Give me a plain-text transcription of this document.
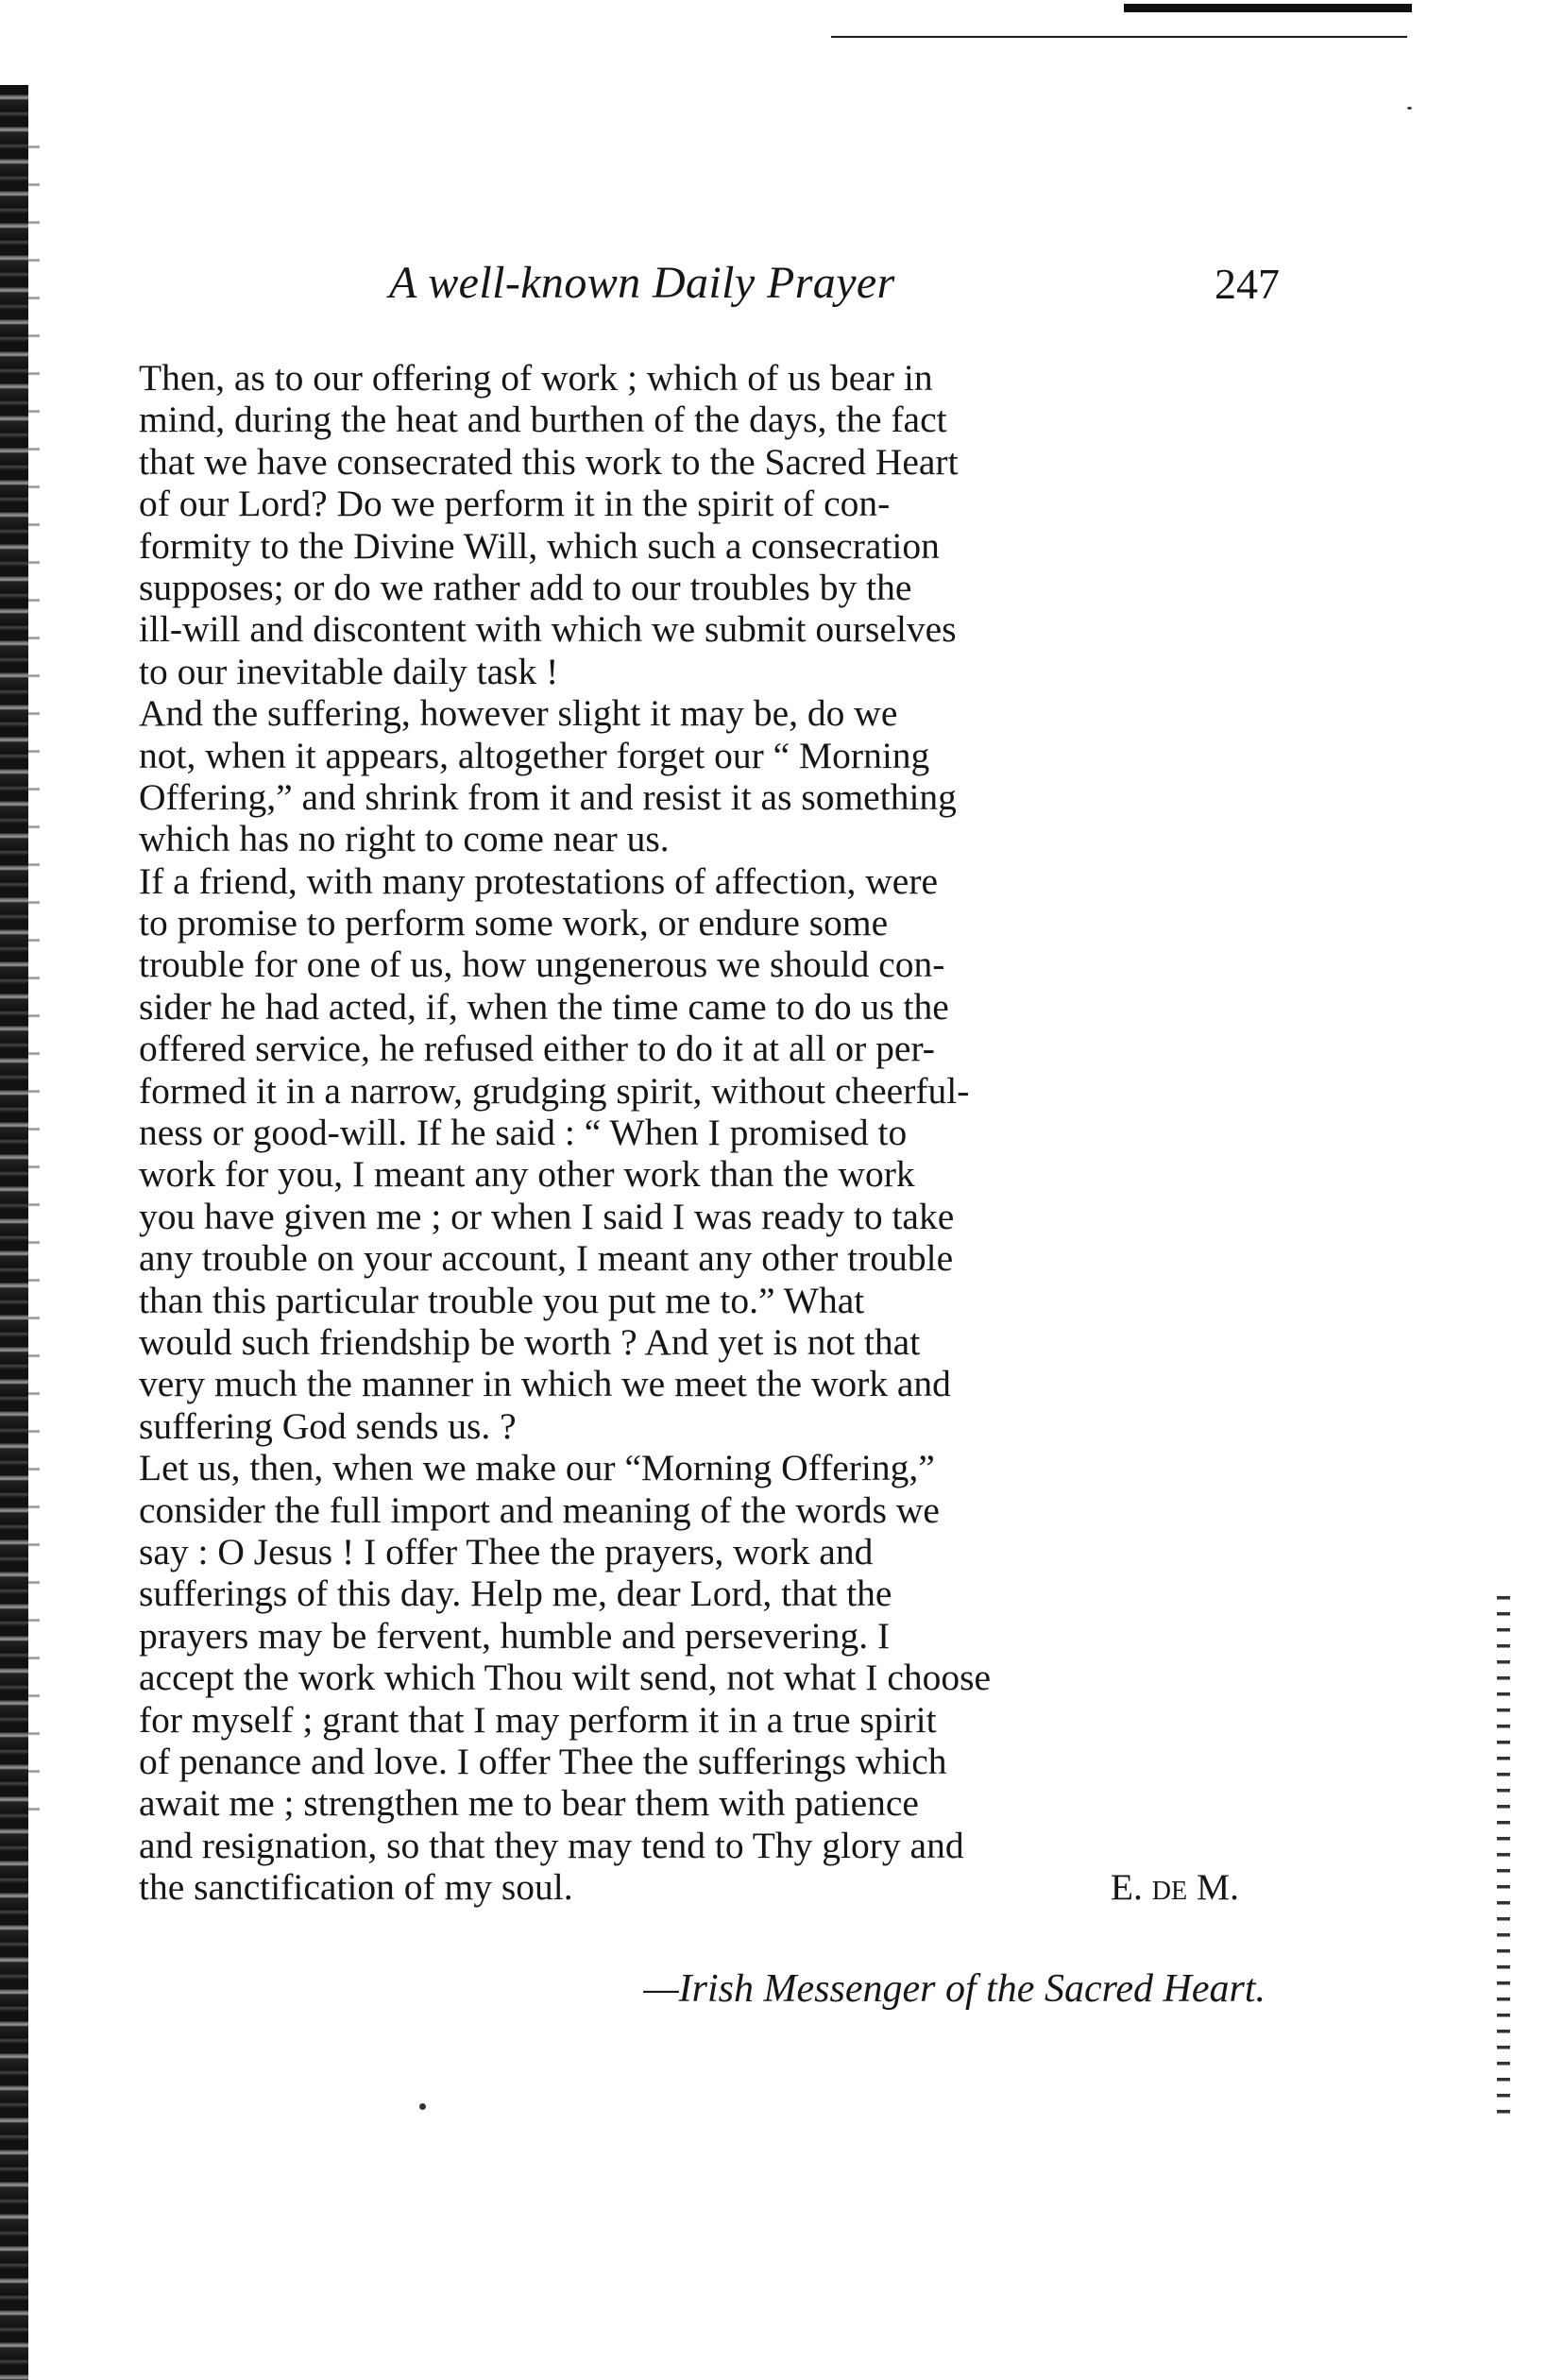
A well-known Daily Prayer	247
Then, as to our offering of work ; which of us bear in
mind, during the heat and burthen of the days, the fact
that we have consecrated this work to the Sacred Heart
of our Lord? Do we perform it in the spirit of con-
formity to the Divine Will, which such a consecration
supposes; or do we rather add to our troubles by the
ill-will and discontent with which we submit ourselves
to our inevitable daily task !
And the suffering, however slight it may be, do we
not, when it appears, altogether forget our “ Morning
Offering,” and shrink from it and resist it as something
which has no right to come near us.
If a friend, with many protestations of affection, were
to promise to perform some work, or endure some
trouble for one of us, how ungenerous we should con-
sider he had acted, if, when the time came to do us the
offered service, he refused either to do it at all or per-
formed it in a narrow, grudging spirit, without cheerful-
ness or good-will. If he said : “ When I promised to
work for you, I meant any other work than the work
you have given me ; or when I said I was ready to take
any trouble on your account, I meant any other trouble
than this particular trouble you put me to.” What
would such friendship be worth ? And yet is not that
very much the manner in which we meet the work and
suffering God sends us. ?
Let us, then, when we make our “Morning Offering,”
consider the full import and meaning of the words we
say : O Jesus ! I offer Thee the prayers, work and
sufferings of this day. Help me, dear Lord, that the
prayers may be fervent, humble and persevering. I
accept the work which Thou wilt send, not what I choose
for myself ; grant that I may perform it in a true spirit
of penance and love. I offer Thee the sufferings which
await me ; strengthen me to bear them with patience
and resignation, so that they may tend to Thy glory and
the sanctification of my soul.	E. de M.
—Irish Messenger of the Sacred Heart.
